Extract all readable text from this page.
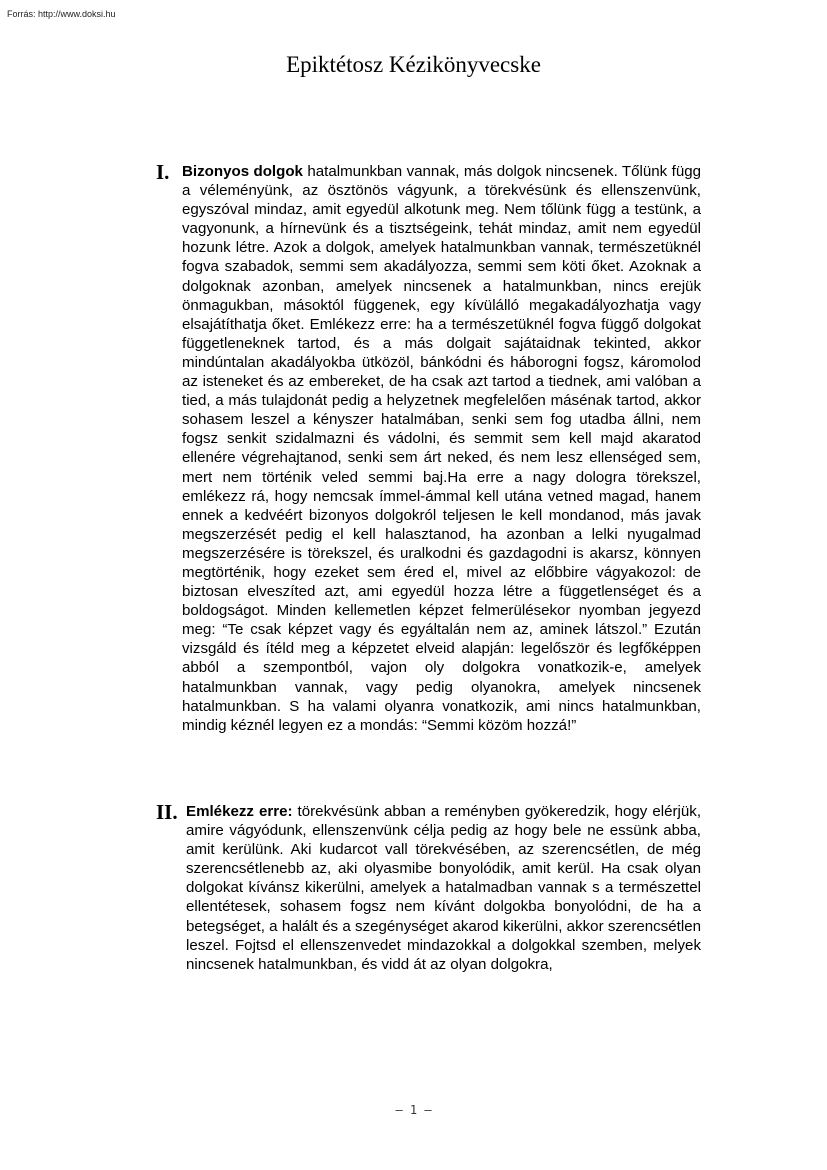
Forrás: http://www.doksi.hu
Epiktétosz Kézikönyvecske
I. Bizonyos dolgok hatalmunkban vannak, más dolgok nincsenek. Tőlünk függ a véleményünk, az ösztönös vágyunk, a törekvésünk és ellenszenvünk, egyszóval mindaz, amit egyedül alkotunk meg. Nem tőlünk függ a testünk, a vagyonunk, a hírnevünk és a tisztségeink, tehát mindaz, amit nem egyedül hozunk létre. Azok a dolgok, amelyek hatalmunkban vannak, természetüknél fogva szabadok, semmi sem akadályozza, semmi sem köti őket. Azoknak a dolgoknak azonban, amelyek nincsenek a hatalmunkban, nincs erejük önmagukban, másoktól függenek, egy kívülálló megakadályozhatja vagy elsajátíthatja őket. Emlékezz erre: ha a természetüknél fogva függő dolgokat függetleneknek tartod, és a más dolgait sajátaidnak tekinted, akkor mindúntalan akadályokba ütközöl, bánkódni és háborogni fogsz, káromolod az isteneket és az embereket, de ha csak azt tartod a tiednek, ami valóban a tied, a más tulajdonát pedig a helyzetnek megfelelően másénak tartod, akkor sohasem leszel a kényszer hatalmában, senki sem fog utadba állni, nem fogsz senkit szidalmazni és vádolni, és semmit sem kell majd akaratod ellenére végrehajtanod, senki sem árt neked, és nem lesz ellenséged sem, mert nem történik veled semmi baj.Ha erre a nagy dologra törekszel, emlékezz rá, hogy nemcsak ímmel-ámmal kell utána vetned magad, hanem ennek a kedvéért bizonyos dolgokról teljesen le kell mondanod, más javak megszerzését pedig el kell halasztanod, ha azonban a lelki nyugalmad megszerzésére is törekszel, és uralkodni és gazdagodni is akarsz, könnyen megtörténik, hogy ezeket sem éred el, mivel az előbbire vágyakozol: de biztosan elveszíted azt, ami egyedül hozza létre a függetlenséget és a boldogságot. Minden kellemetlen képzet felmerülésekor nyomban jegyezd meg: “Te csak képzet vagy és egyáltalán nem az, aminek látszol.” Ezután vizsgáld és ítéld meg a képzetet elveid alapján: legelőször és legfőképpen abból a szempontból, vajon oly dolgokra vonatkozik-e, amelyek hatalmunkban vannak, vagy pedig olyanokra, amelyek nincsenek hatalmunkban. S ha valami olyanra vonatkozik, ami nincs hatalmunkban, mindig kéznél legyen ez a mondás: “Semmi közöm hozzá!”
II. Emlékezz erre: törekvésünk abban a reményben gyökeredzik, hogy elérjük, amire vágyódunk, ellenszenvünk célja pedig az hogy bele ne essünk abba, amit kerülünk. Aki kudarcot vall törekvésében, az szerencsétlen, de még szerencsétlenebb az, aki olyasmibe bonyolódik, amit kerül. Ha csak olyan dolgokat kívánsz kikerülni, amelyek a hatalmadban vannak s a természettel ellentétesek, sohasem fogsz nem kívánt dolgokba bonyolódni, de ha a betegséget, a halált és a szegénységet akarod kikerülni, akkor szerencsétlen leszel. Fojtsd el ellenszenvedet mindazokkal a dolgokkal szemben, melyek nincsenek hatalmunkban, és vidd át az olyan dolgokra,
– 1 –
